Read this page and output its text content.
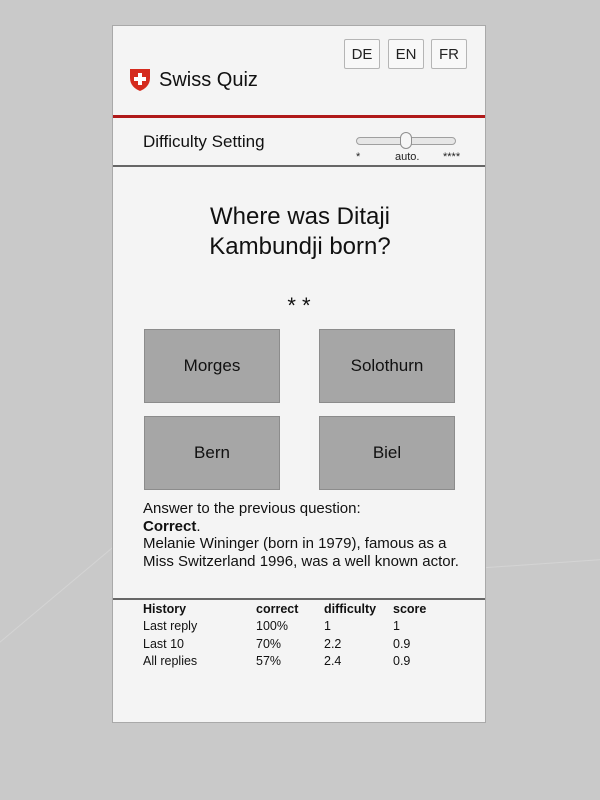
DE	EN	FR
Swiss Quiz
Difficulty Setting
*	auto. ****
Where was Ditaji Kambundji born?
* *
Morges	Solothurn
Bern	Biel
Answer to the previous question:
Correct.
Melanie Wininger (born in 1979), famous as a Miss Switzerland 1996, was a well known actor.
History	correct	difficulty	score
Last reply	100%	1	1
Last 10	70%	2.2	0.9
All replies	57%	2.4	0.9
